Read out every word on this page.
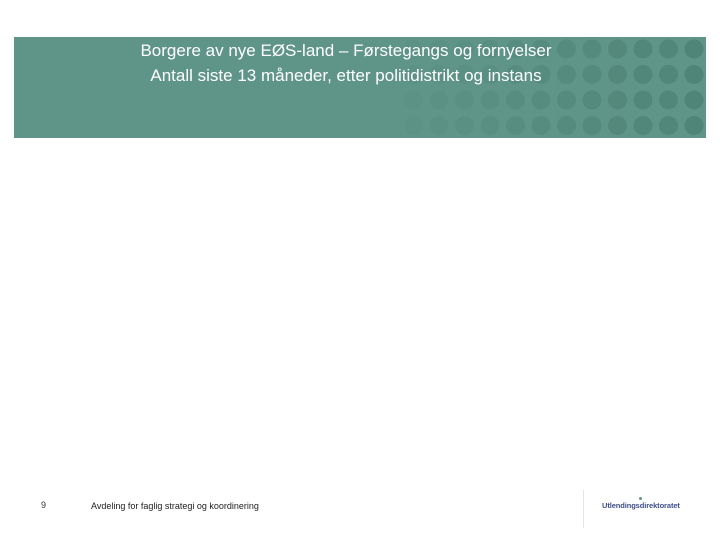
Innvilgede tillatelser med formål arbeid etter EØS-regelverket
Borgere av nye EØS-land – Førstegangs og fornyelser
Antall siste 13 måneder, etter politidistrikt og instans
9	Avdeling for faglig strategi og koordinering	Utlendingsdirektoratet
